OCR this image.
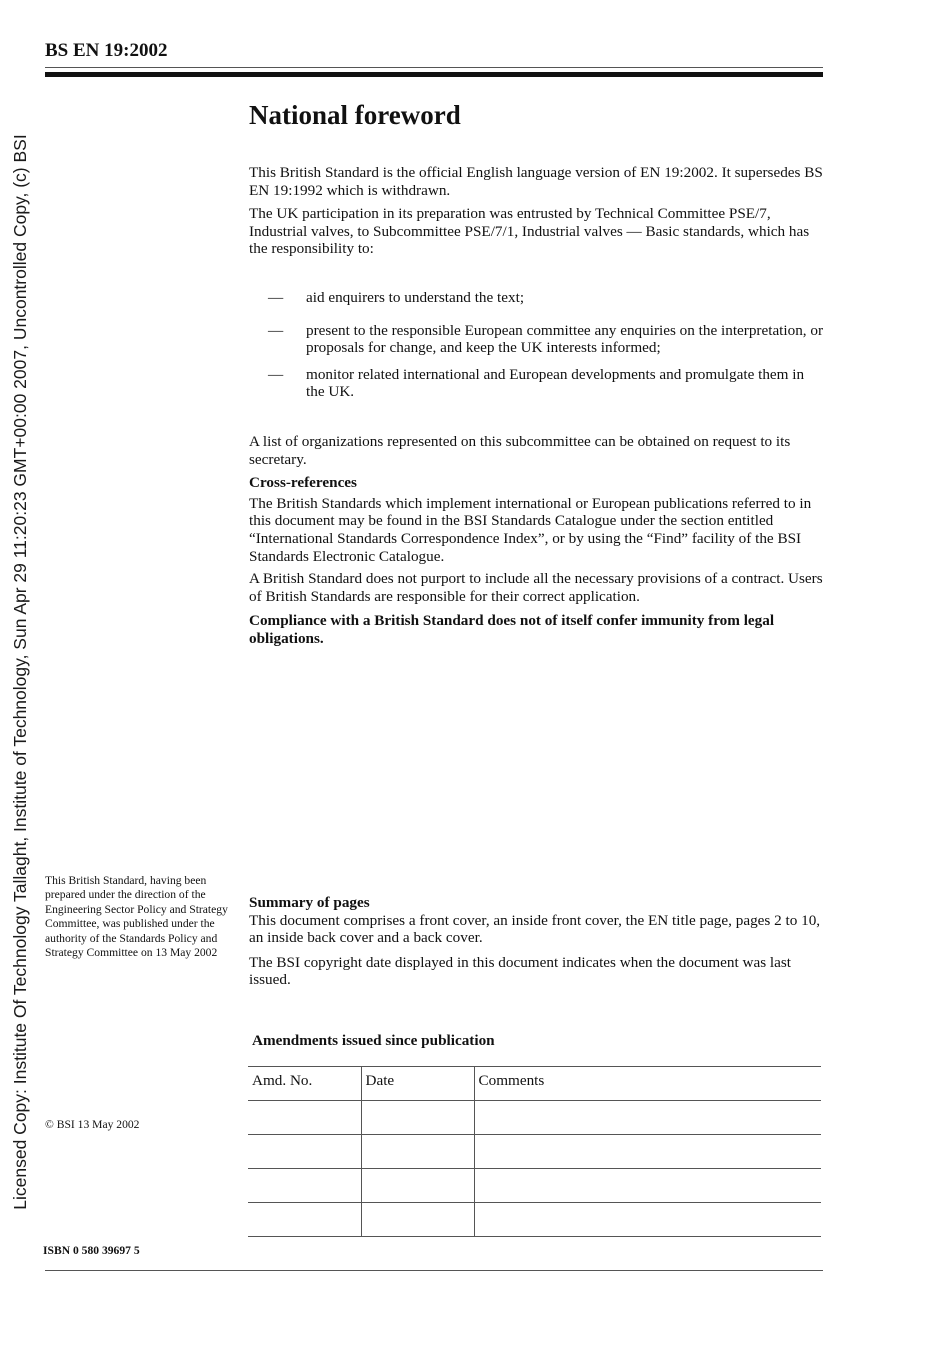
Licensed Copy: Institute Of Technology Tallaght, Institute of Technology, Sun Apr 29 11:20:23 GMT+00:00 2007, Uncontrolled Copy, (c) BSI
BS EN 19:2002
National foreword

This British Standard is the official English language version of EN 19:2002. It supersedes BS EN 19:1992 which is withdrawn.

The UK participation in its preparation was entrusted by Technical Committee PSE/7, Industrial valves, to Subcommittee PSE/7/1, Industrial valves — Basic standards, which has the responsibility to:

—	aid enquirers to understand the text;
—	present to the responsible European committee any enquiries on the interpretation, or proposals for change, and keep the UK interests informed;
—	monitor related international and European developments and promulgate them in the UK.

A list of organizations represented on this subcommittee can be obtained on request to its secretary.

Cross-references

The British Standards which implement international or European publications referred to in this document may be found in the BSI Standards Catalogue under the section entitled “International Standards Correspondence Index”, or by using the “Find” facility of the BSI Standards Electronic Catalogue.

A British Standard does not purport to include all the necessary provisions of a contract. Users of British Standards are responsible for their correct application.

Compliance with a British Standard does not of itself confer immunity from legal obligations.

This British Standard, having been prepared under the direction of the Engineering Sector Policy and Strategy Committee, was published under the authority of the Standards Policy and Strategy Committee on 13 May 2002
© BSI 13 May 2002

Summary of pages

This document comprises a front cover, an inside front cover, the EN title page, pages 2 to 10, an inside back cover and a back cover.

The BSI copyright date displayed in this document indicates when the document was last issued.

Amendments issued since publication
Amd. No.	Date	Comments

ISBN 0 580 39697 5
